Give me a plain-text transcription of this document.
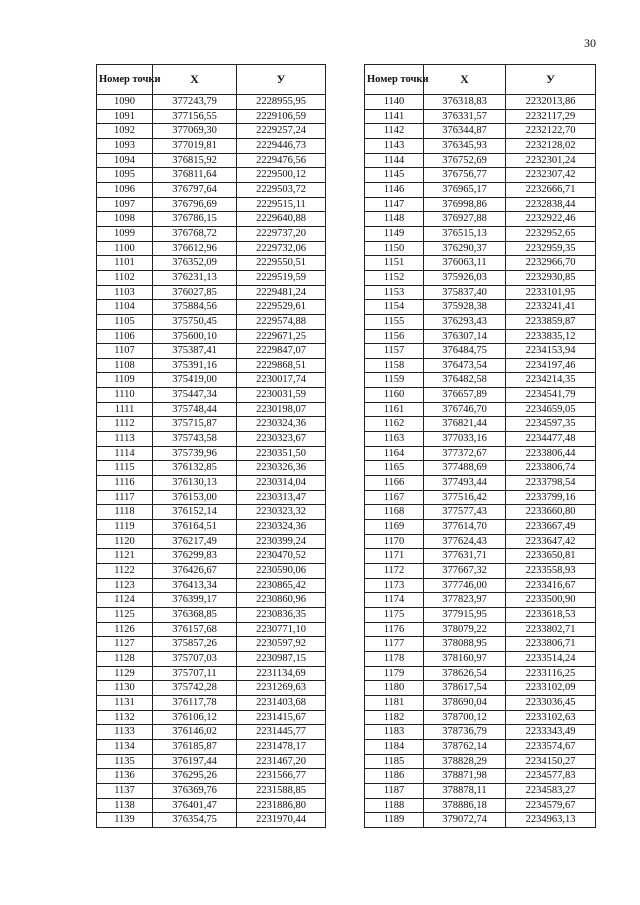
30
Номер точки	X	У
1090	377243,79	2228955,95
1091	377156,55	2229106,59
1092	377069,30	2229257,24
1093	377019,81	2229446,73
1094	376815,92	2229476,56
1095	376811,64	2229500,12
1096	376797,64	2229503,72
1097	376796,69	2229515,11
1098	376786,15	2229640,88
1099	376768,72	2229737,20
1100	376612,96	2229732,06
1101	376352,09	2229550,51
1102	376231,13	2229519,59
1103	376027,85	2229481,24
1104	375884,56	2229529,61
1105	375750,45	2229574,88
1106	375600,10	2229671,25
1107	375387,41	2229847,07
1108	375391,16	2229868,51
1109	375419,00	2230017,74
1110	375447,34	2230031,59
1111	375748,44	2230198,07
1112	375715,87	2230324,36
1113	375743,58	2230323,67
1114	375739,96	2230351,50
1115	376132,85	2230326,36
1116	376130,13	2230314,04
1117	376153,00	2230313,47
1118	376152,14	2230323,32
1119	376164,51	2230324,36
1120	376217,49	2230399,24
1121	376299,83	2230470,52
1122	376426,67	2230590,06
1123	376413,34	2230865,42
1124	376399,17	2230860,96
1125	376368,85	2230836,35
1126	376157,68	2230771,10
1127	375857,26	2230597,92
1128	375707,03	2230987,15
1129	375707,11	2231134,69
1130	375742,28	2231269,63
1131	376117,78	2231403,68
1132	376106,12	2231415,67
1133	376146,02	2231445,77
1134	376185,87	2231478,17
1135	376197,44	2231467,20
1136	376295,26	2231566,77
1137	376369,76	2231588,85
1138	376401,47	2231886,80
1139	376354,75	2231970,44
Номер точки	X	У
1140	376318,83	2232013,86
1141	376331,57	2232117,29
1142	376344,87	2232122,70
1143	376345,93	2232128,02
1144	376752,69	2232301,24
1145	376756,77	2232307,42
1146	376965,17	2232666,71
1147	376998,86	2232838,44
1148	376927,88	2232922,46
1149	376515,13	2232952,65
1150	376290,37	2232959,35
1151	376063,11	2232966,70
1152	375926,03	2232930,85
1153	375837,40	2233101,95
1154	375928,38	2233241,41
1155	376293,43	2233859,87
1156	376307,14	2233835,12
1157	376484,75	2234153,94
1158	376473,54	2234197,46
1159	376482,58	2234214,35
1160	376657,89	2234541,79
1161	376746,70	2234659,05
1162	376821,44	2234597,35
1163	377033,16	2234477,48
1164	377372,67	2233806,44
1165	377488,69	2233806,74
1166	377493,44	2233798,54
1167	377516,42	2233799,16
1168	377577,43	2233660,80
1169	377614,70	2233667,49
1170	377624,43	2233647,42
1171	377631,71	2233650,81
1172	377667,32	2233558,93
1173	377746,00	2233416,67
1174	377823,97	2233500,90
1175	377915,95	2233618,53
1176	378079,22	2233802,71
1177	378088,95	2233806,71
1178	378160,97	2233514,24
1179	378626,54	2233116,25
1180	378617,54	2233102,09
1181	378690,04	2233036,45
1182	378700,12	2233102,63
1183	378736,79	2233343,49
1184	378762,14	2233574,67
1185	378828,29	2234150,27
1186	378871,98	2234577,83
1187	378878,11	2234583,27
1188	378886,18	2234579,67
1189	379072,74	2234963,13
